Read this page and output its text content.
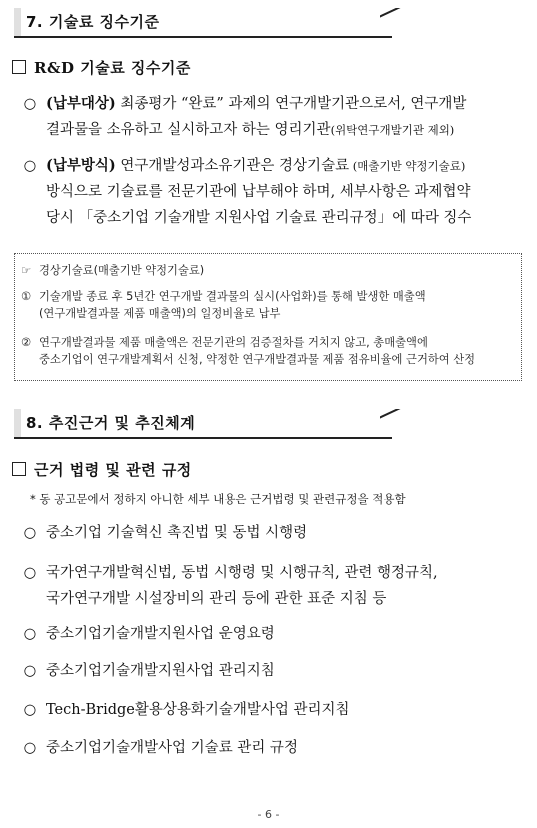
7. 기술료 징수기준
R&D 기술료 징수기준
○ (납부대상) 최종평가 “완료” 과제의 연구개발기관으로서, 연구개발
결과물을 소유하고 실시하고자 하는 영리기관(위탁연구개발기관 제외)
○ (납부방식) 연구개발성과소유기관은 경상기술료 (매출기반 약정기술료)
방식으로 기술료를 전문기관에 납부해야 하며, 세부사항은 과제협약
당시 「중소기업 기술개발 지원사업 기술료 관리규정」에 따라 징수
☞ 경상기술료(매출기반 약정기술료)
① 기술개발 종료 후 5년간 연구개발 결과물의 실시(사업화)를 통해 발생한 매출액
(연구개발결과물 제품 매출액)의 일정비율로 납부
② 연구개발결과물 제품 매출액은 전문기관의 검증절차를 거치지 않고, 총매출액에
중소기업이 연구개발계획서 신청, 약정한 연구개발결과물 제품 점유비율에 근거하여 산정
8. 추진근거 및 추진체계
근거 법령 및 관련 규정
* 동 공고문에서 정하지 아니한 세부 내용은 근거법령 및 관련규정을 적용함
○ 중소기업 기술혁신 촉진법 및 동법 시행령
○ 국가연구개발혁신법, 동법 시행령 및 시행규칙, 관련 행정규칙,
국가연구개발 시설장비의 관리 등에 관한 표준 지침 등
○ 중소기업기술개발지원사업 운영요령
○ 중소기업기술개발지원사업 관리지침
○ Tech-Bridge활용상용화기술개발사업 관리지침
○ 중소기업기술개발사업 기술료 관리 규정
- 6 -
